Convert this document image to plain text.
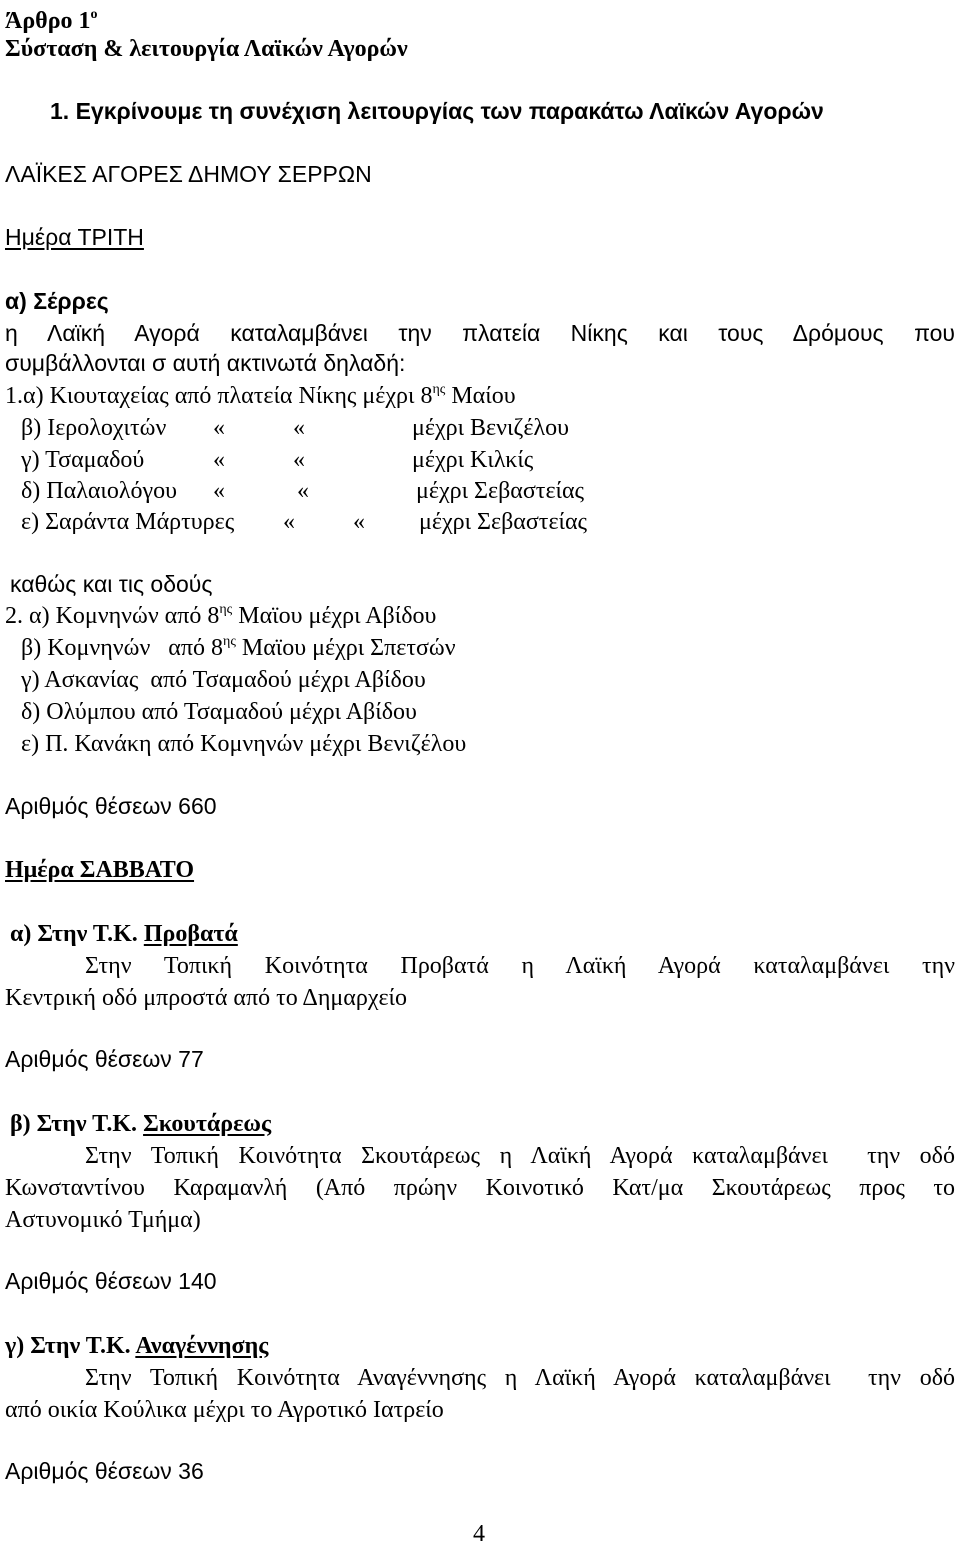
Άρθρο $1^o$
Σύσταση & λειτουργία Λαϊκών Αγορών
1. Εγκρίνουμε τη συνέχιση λειτουργίας των παρακάτω Λαϊκών Αγορών
ΛΑΪΚΕΣ ΑΓΟΡΕΣ ΔΗΜΟΥ ΣΕΡΡΩΝ
Ημέρα ΤΡΙΤΗ
α) Σέρρες
η Λαϊκή Αγορά καταλαμβάνει την πλατεία Νίκης και τους Δρόμους που
συμβάλλονται σ αυτή ακτινωτά δηλαδή:
1.α) Κιουταχείας από πλατεία Νίκης μέχρι $8^{\eta\varsigma}$ Μαίου
β) Ιερολοχιτών «	«	μέχρι Βενιζέλου
γ) Τσαμαδού	«	«	μέχρι Κιλκίς
δ) Παλαιολόγου «	«	μέχρι Σεβαστείας
ε) Σαράντα Μάρτυρες « « μέχρι Σεβαστείας
καθώς και τις οδούς
2. α) Κομνηνών από $8^{\eta\varsigma}$ Μαϊου μέχρι Αβίδου
β) Κομνηνών   από $8^{\eta\varsigma}$ Μαϊου μέχρι Σπετσών
γ) Ασκανίας  από Τσαμαδού μέχρι Αβίδου
δ) Ολύμπου από Τσαμαδού μέχρι Αβίδου
ε) Π. Κανάκη από Κομνηνών μέχρι Βενιζέλου
Αριθμός θέσεων 660
Ημέρα ΣΑΒΒΑΤΟ
α) Στην Τ.Κ. Προβατά
Στην Τοπική Κοινότητα Προβατά η Λαϊκή Αγορά καταλαμβάνει την
Κεντρική οδό μπροστά από το Δημαρχείο
Αριθμός θέσεων 77
β) Στην Τ.Κ. Σκουτάρεως
Στην Τοπική Κοινότητα Σκουτάρεως η Λαϊκή Αγορά καταλαμβάνει  την οδό
Κωνσταντίνου Καραμανλή (Από πρώην Κοινοτικό Κατ/μα Σκουτάρεως προς το
Αστυνομικό Τμήμα)
Αριθμός θέσεων 140
γ) Στην Τ.Κ. Αναγέννησης
Στην Τοπική Κοινότητα Αναγέννησης η Λαϊκή Αγορά καταλαμβάνει  την οδό
από οικία Κούλικα μέχρι το Αγροτικό Ιατρείο
Αριθμός θέσεων 36
4
